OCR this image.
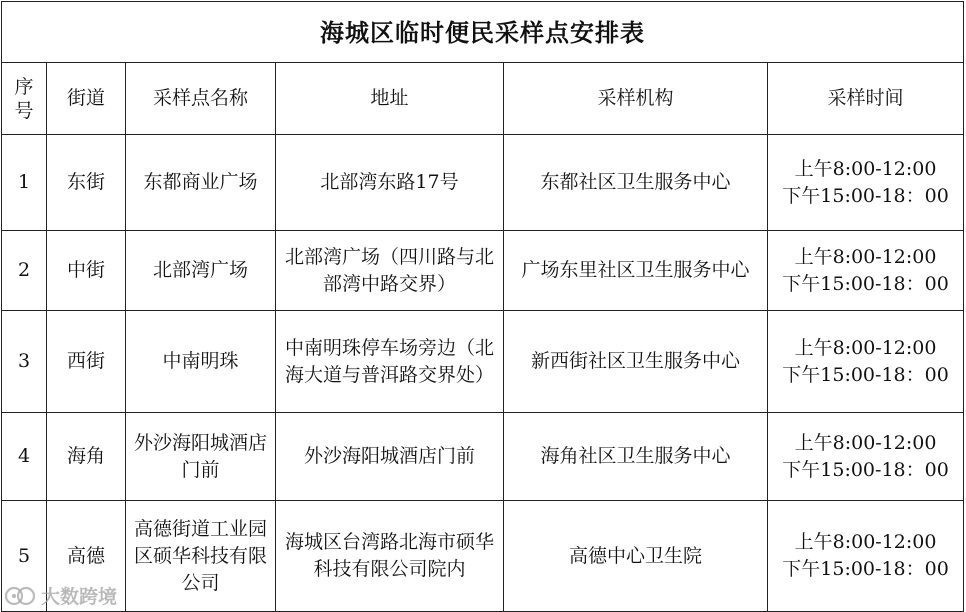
海城区临时便民采样点安排表					
序号	街道	采样点名称	地址	采样机构	采样时间
1	东街	东都商业广场	北部湾东路17号	东都社区卫生服务中心	上午8:00-12:00
下午15:00-18：00

2	中街	北部湾广场	北部湾广场（四川路与北部湾中路交界）	广场东里社区卫生服务中心	上午8:00-12:00
下午15:00-18：00

3	西街	中南明珠	中南明珠停车场旁边（北海大道与普洱路交界处）	新西街社区卫生服务中心	上午8:00-12:00
下午15:00-18：00

4	海角	外沙海阳城酒店门前	外沙海阳城酒店门前	海角社区卫生服务中心	上午8:00-12:00
下午15:00-18：00

5	高德	高德街道工业园区硕华科技有限公司	海城区台湾路北海市硕华科技有限公司院内	高德中心卫生院	上午8:00-12:00
下午15:00-18：00
大数跨境
